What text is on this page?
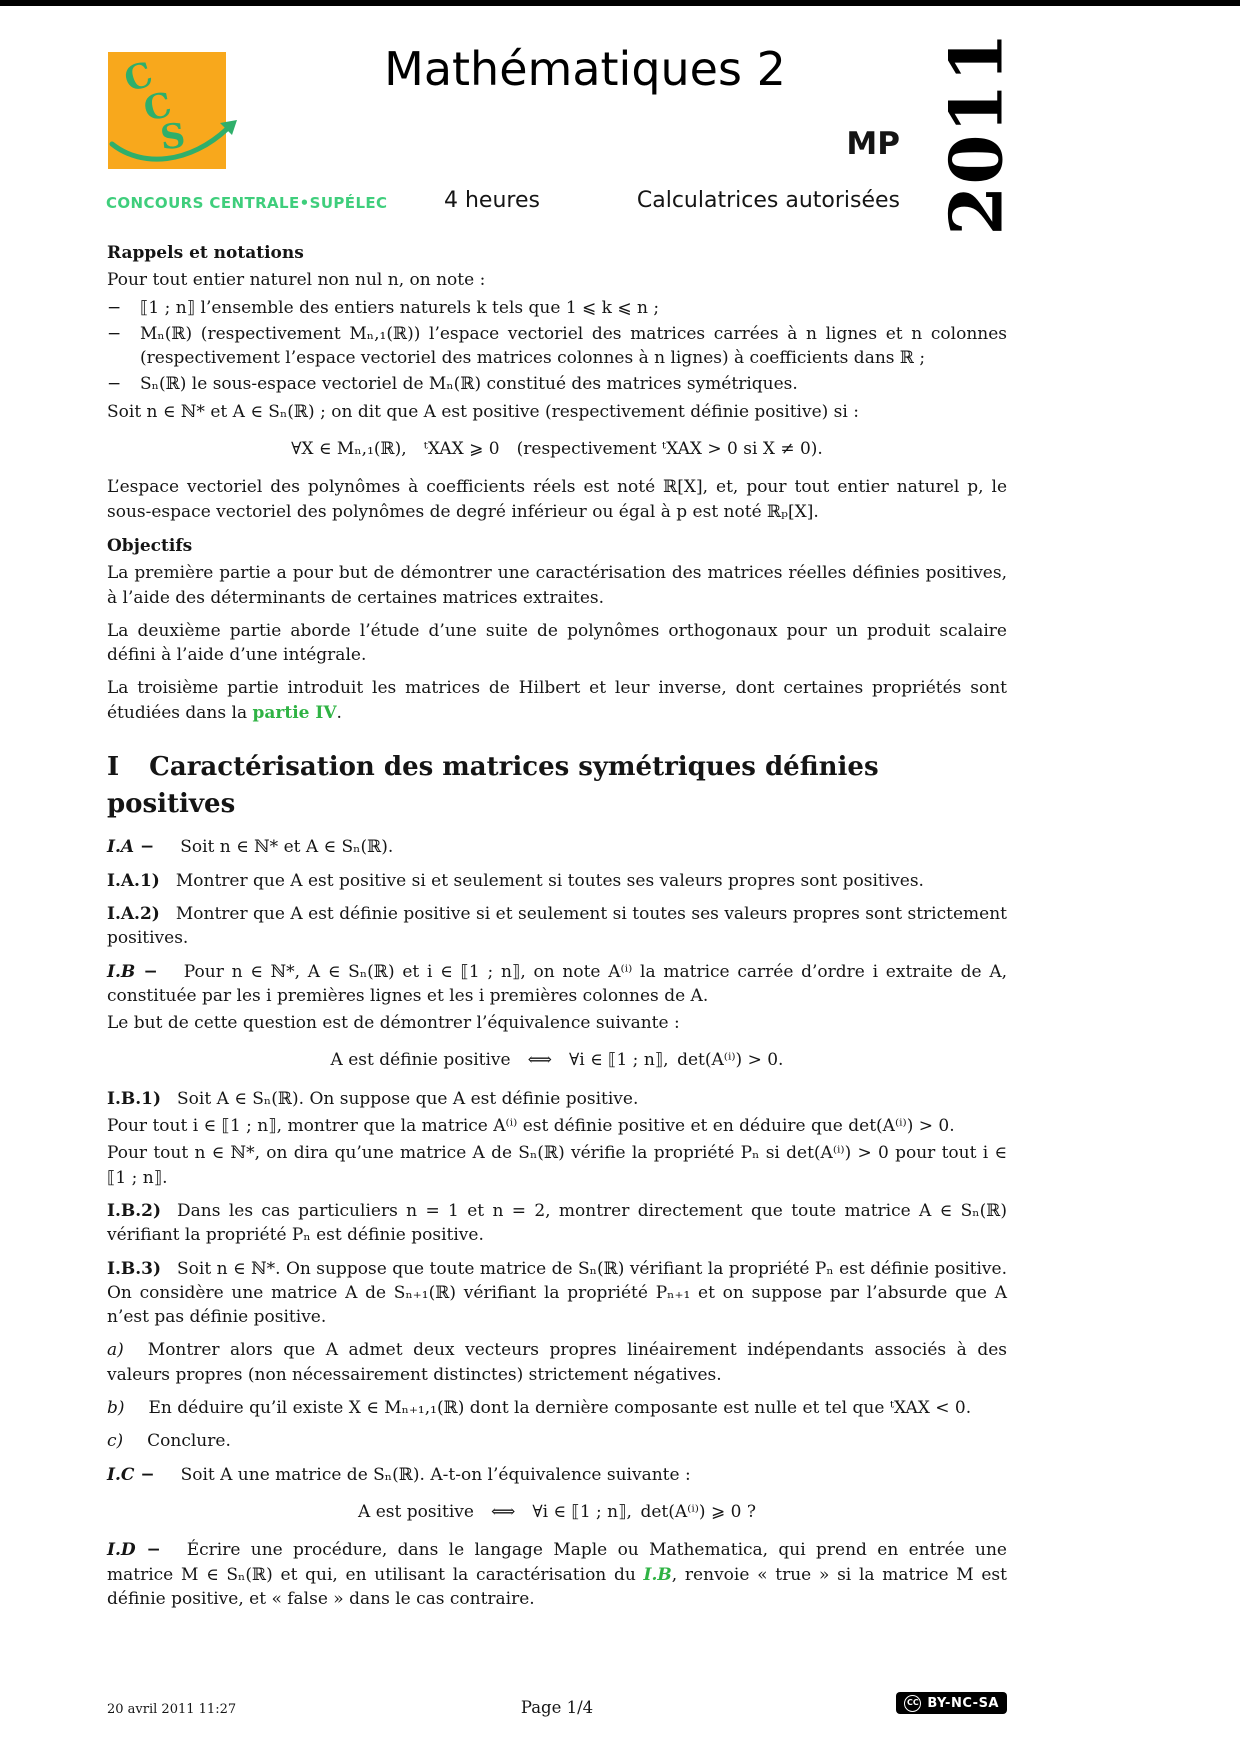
C
C
S
CONCOURS CENTRALE•SUPÉLEC
Mathématiques 2
MP
4 heures	Calculatrices autorisées 2011

Rappels et notations

Pour tout entier naturel non nul n, on note :

−	⟦1 ; n⟧ l’ensemble des entiers naturels k tels que 1 ⩽ k ⩽ n ;
−	Mₙ(ℝ) (respectivement Mₙ,₁(ℝ)) l’espace vectoriel des matrices carrées à n lignes et n colonnes (respectivement l’espace vectoriel des matrices colonnes à n lignes) à coefficients dans ℝ ;
−	Sₙ(ℝ) le sous-espace vectoriel de Mₙ(ℝ) constitué des matrices symétriques.

Soit n ∈ ℕ* et A ∈ Sₙ(ℝ) ; on dit que A est positive (respectivement définie positive) si :

∀X ∈ Mₙ,₁(ℝ), ᵗXAX ⩾ 0 (respectivement ᵗXAX > 0 si X ≠ 0).

L’espace vectoriel des polynômes à coefficients réels est noté ℝ[X], et, pour tout entier naturel p, le sous-espace vectoriel des polynômes de degré inférieur ou égal à p est noté ℝₚ[X].

Objectifs

La première partie a pour but de démontrer une caractérisation des matrices réelles définies positives, à l’aide des déterminants de certaines matrices extraites.

La deuxième partie aborde l’étude d’une suite de polynômes orthogonaux pour un produit scalaire défini à l’aide d’une intégrale.

La troisième partie introduit les matrices de Hilbert et leur inverse, dont certaines propriétés sont étudiées dans la partie IV.

I Caractérisation des matrices symétriques définies positives

I.A − Soit n ∈ ℕ* et A ∈ Sₙ(ℝ).

I.A.1) Montrer que A est positive si et seulement si toutes ses valeurs propres sont positives.

I.A.2) Montrer que A est définie positive si et seulement si toutes ses valeurs propres sont strictement positives.

I.B − Pour n ∈ ℕ*, A ∈ Sₙ(ℝ) et i ∈ ⟦1 ; n⟧, on note A⁽ⁱ⁾ la matrice carrée d’ordre i extraite de A, constituée par les i premières lignes et les i premières colonnes de A.

Le but de cette question est de démontrer l’équivalence suivante :

A est définie positive ⟺ ∀i ∈ ⟦1 ; n⟧, det(A⁽ⁱ⁾) > 0.

I.B.1) Soit A ∈ Sₙ(ℝ). On suppose que A est définie positive.

Pour tout i ∈ ⟦1 ; n⟧, montrer que la matrice A⁽ⁱ⁾ est définie positive et en déduire que det(A⁽ⁱ⁾) > 0.

Pour tout n ∈ ℕ*, on dira qu’une matrice A de Sₙ(ℝ) vérifie la propriété Pₙ si det(A⁽ⁱ⁾) > 0 pour tout i ∈ ⟦1 ; n⟧.

I.B.2) Dans les cas particuliers n = 1 et n = 2, montrer directement que toute matrice A ∈ Sₙ(ℝ) vérifiant la propriété Pₙ est définie positive.

I.B.3) Soit n ∈ ℕ*. On suppose que toute matrice de Sₙ(ℝ) vérifiant la propriété Pₙ est définie positive. On considère une matrice A de Sₙ₊₁(ℝ) vérifiant la propriété Pₙ₊₁ et on suppose par l’absurde que A n’est pas définie positive.

a) Montrer alors que A admet deux vecteurs propres linéairement indépendants associés à des valeurs propres (non nécessairement distinctes) strictement négatives.

b) En déduire qu’il existe X ∈ Mₙ₊₁,₁(ℝ) dont la dernière composante est nulle et tel que ᵗXAX < 0.

c) Conclure.

I.C − Soit A une matrice de Sₙ(ℝ). A-t-on l’équivalence suivante :

A est positive ⟺ ∀i ∈ ⟦1 ; n⟧, det(A⁽ⁱ⁾) ⩾ 0 ?

I.D − Écrire une procédure, dans le langage Maple ou Mathematica, qui prend en entrée une matrice M ∈ Sₙ(ℝ) et qui, en utilisant la caractérisation du I.B, renvoie « true » si la matrice M est définie positive, et « false » dans le cas contraire.

20 avril 2011 11:27	Page 1/4	CC BY-NC-SA
